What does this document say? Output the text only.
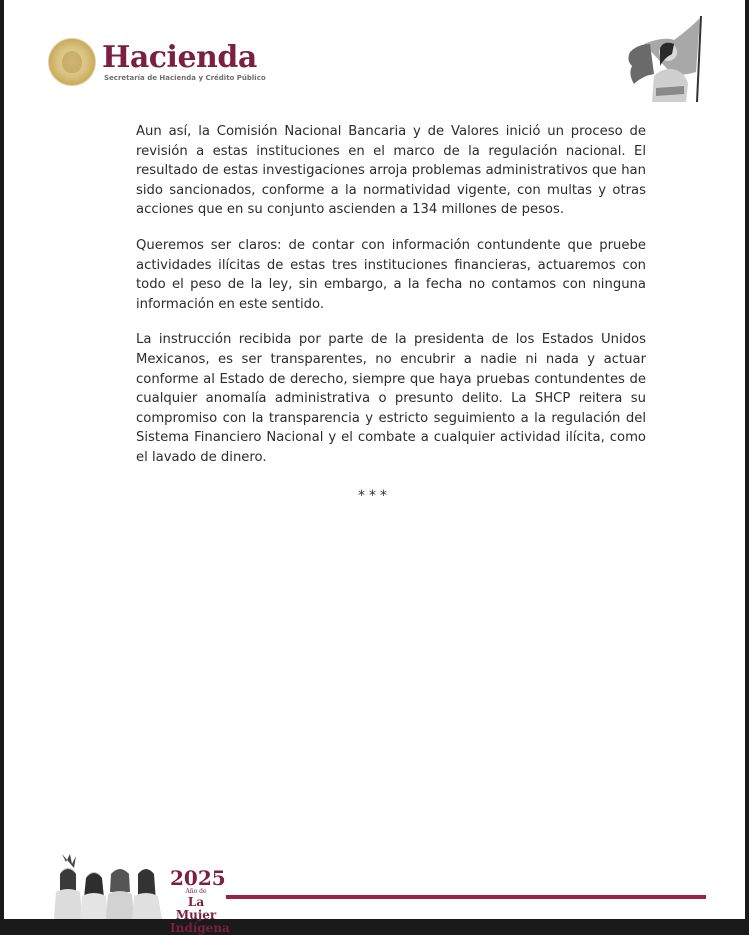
Hacienda
Secretaría de Hacienda y Crédito Público

Aun así, la Comisión Nacional Bancaria y de Valores inició un proceso de revisión a estas instituciones en el marco de la regulación nacional. El resultado de estas investigaciones arroja problemas administrativos que han sido sancionados, conforme a la normatividad vigente, con multas y otras acciones que en su conjunto ascienden a 134 millones de pesos.

Queremos ser claros: de contar con información contundente que pruebe actividades ilícitas de estas tres instituciones financieras, actuaremos con todo el peso de la ley, sin embargo, a la fecha no contamos con ninguna información en este sentido.

La instrucción recibida por parte de la presidenta de los Estados Unidos Mexicanos, es ser transparentes, no encubrir a nadie ni nada y actuar conforme al Estado de derecho, siempre que haya pruebas contundentes de cualquier anomalía administrativa o presunto delito. La SHCP reitera su compromiso con la transparencia y estricto seguimiento a la regulación del Sistema Financiero Nacional y el combate a cualquier actividad ilícita, como el lavado de dinero.

***
2025
Año de
La Mujer
Indígena
